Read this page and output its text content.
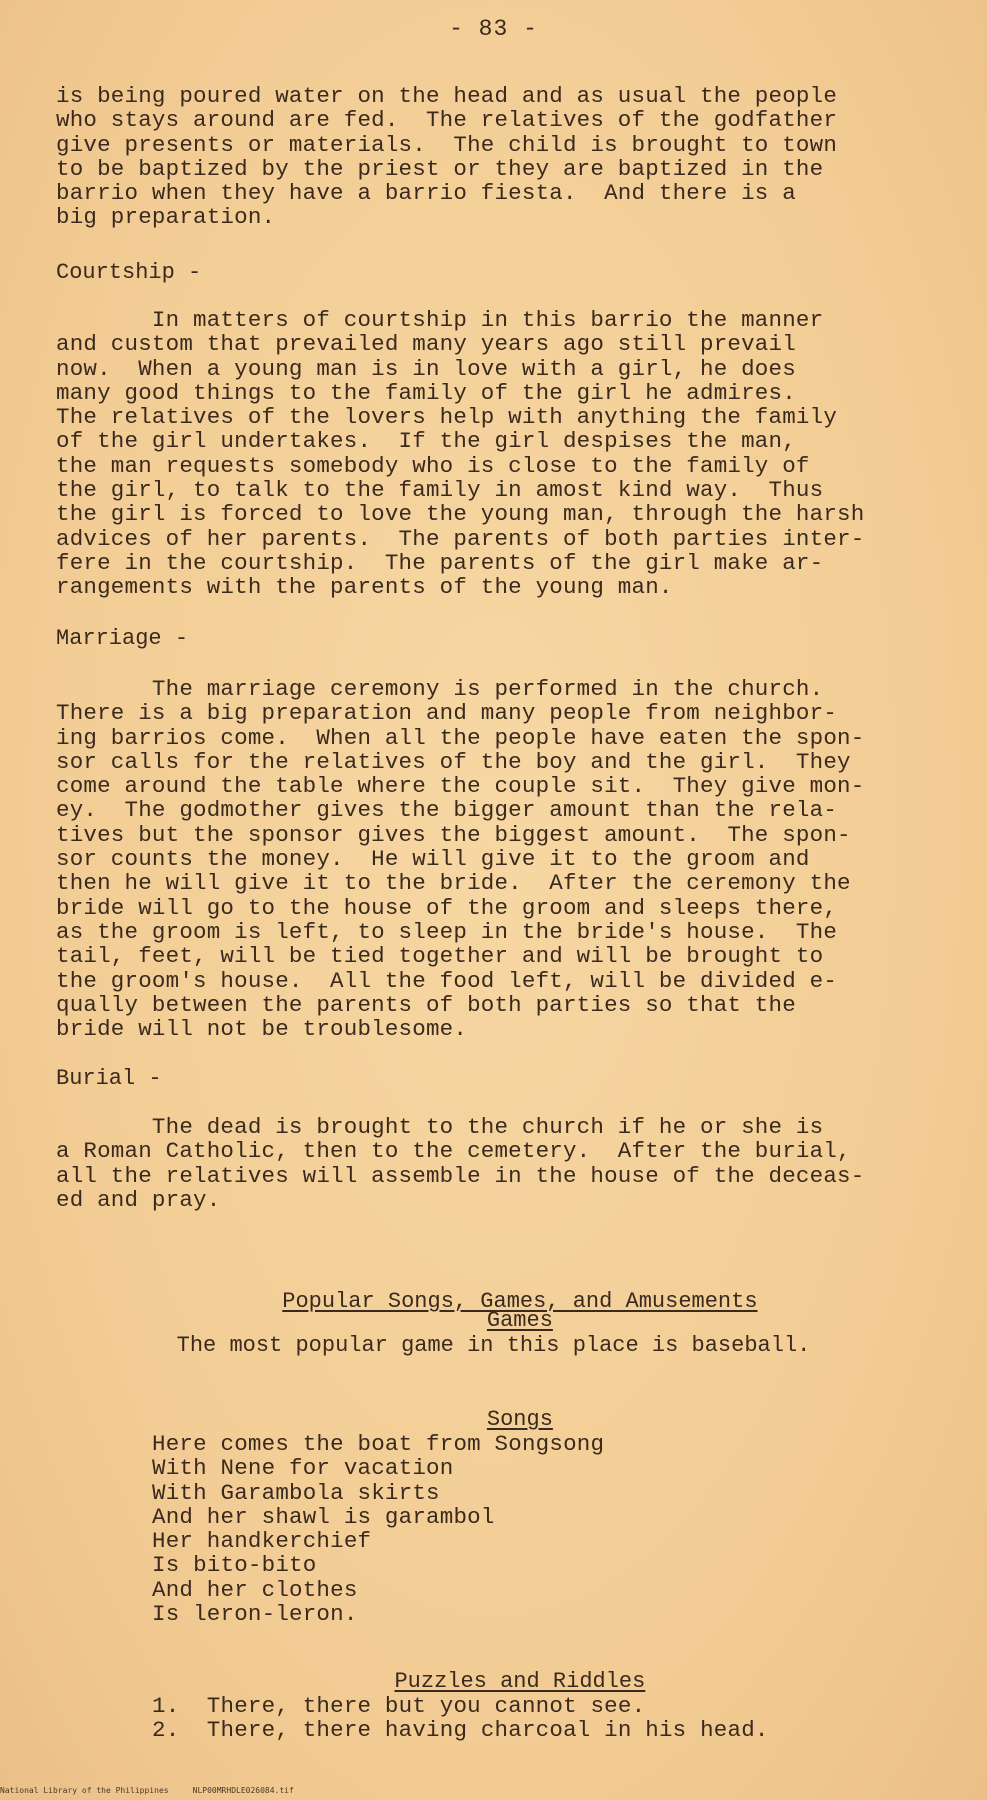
- 83 -
is being poured water on the head and as usual the people
who stays around are fed.  The relatives of the godfather
give presents or materials.  The child is brought to town
to be baptized by the priest or they are baptized in the
barrio when they have a barrio fiesta.  And there is a
big preparation.
Courtship -
In matters of courtship in this barrio the manner
and custom that prevailed many years ago still prevail
now.  When a young man is in love with a girl, he does
many good things to the family of the girl he admires.
The relatives of the lovers help with anything the family
of the girl undertakes.  If the girl despises the man,
the man requests somebody who is close to the family of
the girl, to talk to the family in amost kind way.  Thus
the girl is forced to love the young man, through the harsh
advices of her parents.  The parents of both parties inter-
fere in the courtship.  The parents of the girl make ar-
rangements with the parents of the young man.
Marriage -
The marriage ceremony is performed in the church.
There is a big preparation and many people from neighbor-
ing barrios come.  When all the people have eaten the spon-
sor calls for the relatives of the boy and the girl.  They
come around the table where the couple sit.  They give mon-
ey.  The godmother gives the bigger amount than the rela-
tives but the sponsor gives the biggest amount.  The spon-
sor counts the money.  He will give it to the groom and
then he will give it to the bride.  After the ceremony the
bride will go to the house of the groom and sleeps there,
as the groom is left, to sleep in the bride's house.  The
tail, feet, will be tied together and will be brought to
the groom's house.  All the food left, will be divided e-
qually between the parents of both parties so that the
bride will not be troublesome.
Burial -
The dead is brought to the church if he or she is
a Roman Catholic, then to the cemetery.  After the burial,
all the relatives will assemble in the house of the deceas-
ed and pray.

Popular Songs, Games, and Amusements

Games

The most popular game in this place is baseball.

Songs

Here comes the boat from Songsong
With Nene for vacation
With Garambola skirts
And her shawl is garambol
Her handkerchief
Is bito-bito
And her clothes
Is leron-leron.

Puzzles and Riddles

1.  There, there but you cannot see.
2.  There, there having charcoal in his head.
National Library of the Philippines     NLP00MRHDLE026084.tif
